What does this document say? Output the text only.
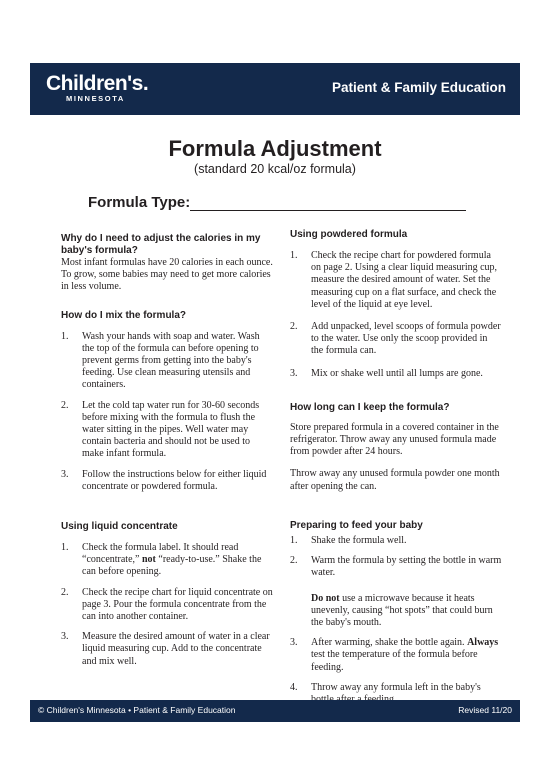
Children's.
MINNESOTA
Patient & Family Education
Formula Adjustment
(standard 20 kcal/oz formula)
Formula Type:
Why do I need to adjust the calories in my baby's formula?

Most infant formulas have 20 calories in each ounce. To grow, some babies may need to get more calories in less volume.

How do I mix the formula?
1. Wash your hands with soap and water. Wash the top of the formula can before opening to prevent germs from getting into the baby's feeding. Use clean measuring utensils and containers.
2. Let the cold tap water run for 30-60 seconds before mixing with the formula to flush the water sitting in the pipes. Well water may contain bacteria and should not be used to make infant formula.
3. Follow the instructions below for either liquid concentrate or powdered formula.
Using liquid concentrate
1. Check the formula label. It should read “concentrate,” not “ready-to-use.” Shake the can before opening.
2. Check the recipe chart for liquid concentrate on page 3. Pour the formula concentrate from the can into another container.
3. Measure the desired amount of water in a clear liquid measuring cup. Add to the concentrate and mix well.
Using powdered formula
1. Check the recipe chart for powdered formula on page 2. Using a clear liquid measuring cup, measure the desired amount of water. Set the measuring cup on a flat surface, and check the level of the liquid at eye level.
2. Add unpacked, level scoops of formula powder to the water. Use only the scoop provided in the formula can.
3. Mix or shake well until all lumps are gone.
How long can I keep the formula?

Store prepared formula in a covered container in the refrigerator. Throw away any unused formula made from powder after 24 hours.

Throw away any unused formula powder one month after opening the can.

Preparing to feed your baby
1. Shake the formula well.
2. Warm the formula by setting the bottle in warm water.

Do not use a microwave because it heats unevenly, causing “hot spots” that could burn the baby's mouth.
3. After warming, shake the bottle again. Always test the temperature of the formula before feeding.
4. Throw away any formula left in the baby's
© Children's Minnesota • Patient & Family Education	Revised 11/20
